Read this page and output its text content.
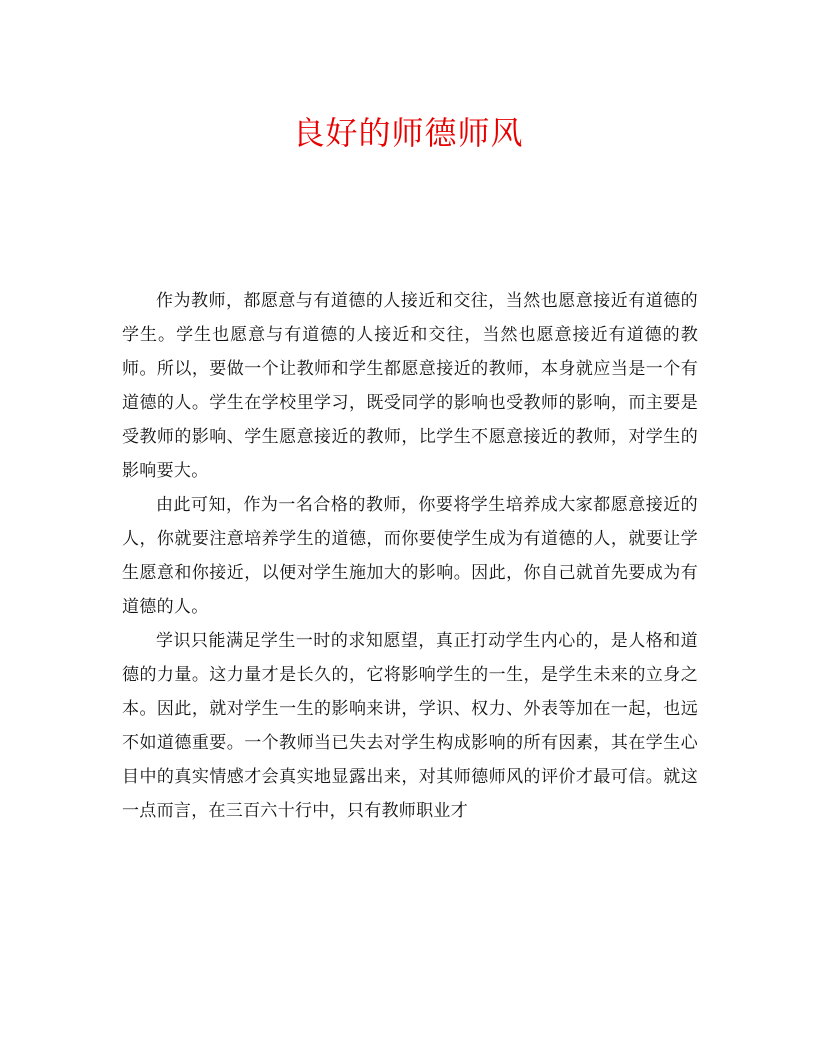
良好的师德师风

作为教师，都愿意与有道德的人接近和交往，当然也愿意接近有道德的学生。学生也愿意与有道德的人接近和交往，当然也愿意接近有道德的教师。所以，要做一个让教师和学生都愿意接近的教师，本身就应当是一个有道德的人。学生在学校里学习，既受同学的影响也受教师的影响，而主要是受教师的影响、学生愿意接近的教师，比学生不愿意接近的教师，对学生的影响要大。

由此可知，作为一名合格的教师，你要将学生培养成大家都愿意接近的人，你就要注意培养学生的道德，而你要使学生成为有道德的人，就要让学生愿意和你接近，以便对学生施加大的影响。因此，你自己就首先要成为有道德的人。

学识只能满足学生一时的求知愿望，真正打动学生内心的，是人格和道德的力量。这力量才是长久的，它将影响学生的一生，是学生未来的立身之本。因此，就对学生一生的影响来讲，学识、权力、外表等加在一起，也远不如道德重要。一个教师当已失去对学生构成影响的所有因素，其在学生心目中的真实情感才会真实地显露出来，对其师德师风的评价才最可信。就这一点而言，在三百六十行中，只有教师职业才
